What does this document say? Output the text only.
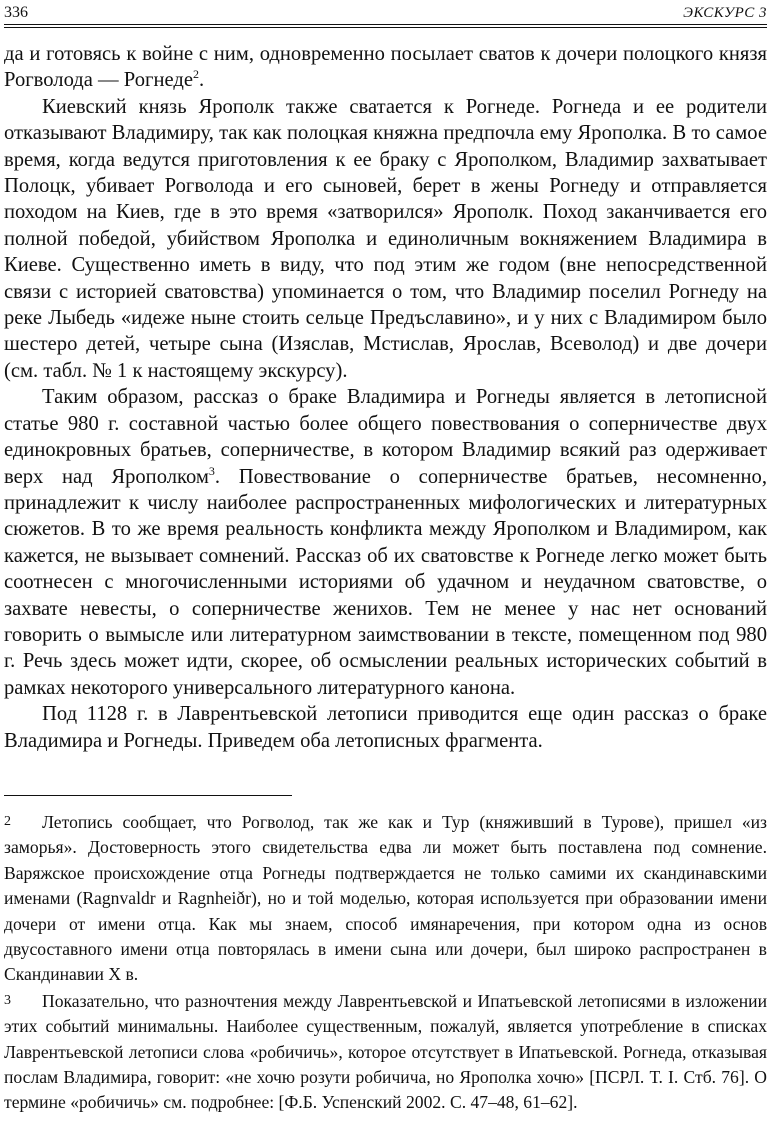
336	ЭКСКУРС 3

да и готовясь к войне с ним, одновременно посылает сватов к дочери полоцкого князя Рогволода — Рогнеде$^2$.

Киевский князь Ярополк также сватается к Рогнеде. Рогнеда и ее родители отказывают Владимиру, так как полоцкая княжна предпочла ему Ярополка. В то самое время, когда ведутся приготовления к ее браку с Ярополком, Владимир захватывает Полоцк, убивает Рогволода и его сыновей, берет в жены Рогнеду и отправляется походом на Киев, где в это время «затворился» Ярополк. Поход заканчивается его полной победой, убийством Ярополка и единоличным вокняжением Владимира в Киеве. Существенно иметь в виду, что под этим же годом (вне непосредственной связи с историей сватовства) упоминается о том, что Владимир поселил Рогнеду на реке Лыбедь «идеже ныне стоить сельце Предъславино», и у них с Владимиром было шестеро детей, четыре сына (Изяслав, Мстислав, Ярослав, Всеволод) и две дочери (см. табл. № 1 к настоящему экскурсу).

Таким образом, рассказ о браке Владимира и Рогнеды является в летописной статье 980 г. составной частью более общего повествования о соперничестве двух единокровных братьев, соперничестве, в котором Владимир всякий раз одерживает верх над Ярополком$^3$. Повествование о соперничестве братьев, несомненно, принадлежит к числу наиболее распространенных мифологических и литературных сюжетов. В то же время реальность конфликта между Ярополком и Владимиром, как кажется, не вызывает сомнений. Рассказ об их сватовстве к Рогнеде легко может быть соотнесен с многочисленными историями об удачном и неудачном сватовстве, о захвате невесты, о соперничестве женихов. Тем не менее у нас нет оснований говорить о вымысле или литературном заимствовании в тексте, помещенном под 980 г. Речь здесь может идти, скорее, об осмыслении реальных исторических событий в рамках некоторого универсального литературного канона.

Под 1128 г. в Лаврентьевской летописи приводится еще один рассказ о браке Владимира и Рогнеды. Приведем оба летописных фрагмента.

2 Летопись сообщает, что Рогволод, так же как и Тур (княживший в Турове), пришел «из заморья». Достоверность этого свидетельства едва ли может быть поставлена под сомнение. Варяжское происхождение отца Рогнеды подтверждается не только самими их скандинавскими именами (Ragnvaldr и Ragnheiðr), но и той моделью, которая используется при образовании имени дочери от имени отца. Как мы знаем, способ имянаречения, при котором одна из основ двусоставного имени отца повторялась в имени сына или дочери, был широко распространен в Скандинавии X в.

3 Показательно, что разночтения между Лаврентьевской и Ипатьевской летописями в изложении этих событий минимальны. Наиболее существенным, пожалуй, является употребление в списках Лаврентьевской летописи слова «робичичь», которое отсутствует в Ипатьевской. Рогнеда, отказывая послам Владимира, говорит: «не хочю розути робичича, но Ярополка хочю» [ПСРЛ. Т. I. Стб. 76]. О термине «робичичь» см. подробнее: [Ф.Б. Успенский 2002. С. 47–48, 61–62].
